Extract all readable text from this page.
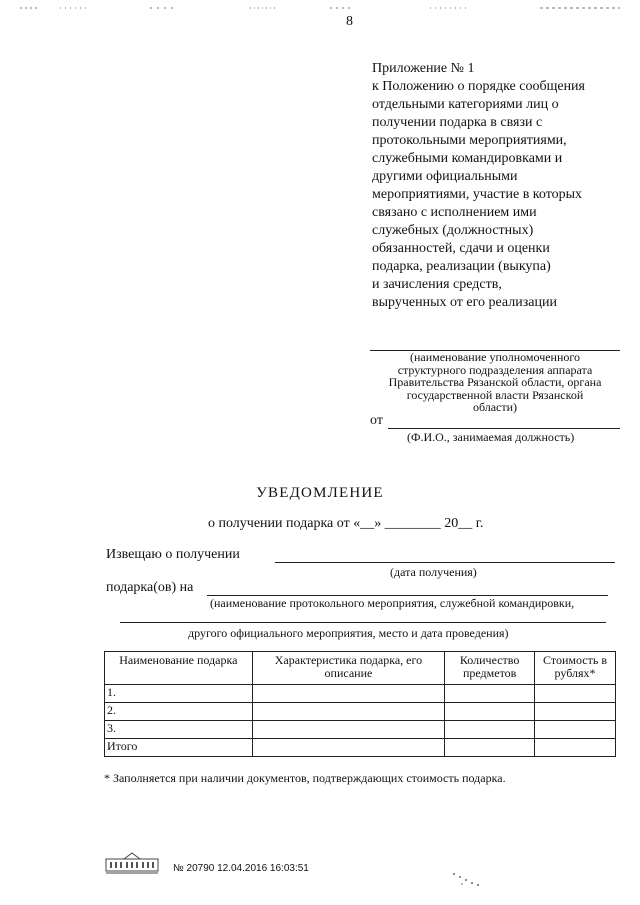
8
Приложение № 1
к Положению о порядке сообщения
отдельными категориями лиц о
получении подарка в связи с
протокольными мероприятиями,
служебными командировками и
другими официальными
мероприятиями, участие в которых
связано с исполнением ими
служебных (должностных)
обязанностей, сдачи и оценки
подарка, реализации (выкупа)
и зачисления средств,
вырученных от его реализации
(наименование уполномоченного
структурного подразделения аппарата
Правительства Рязанской области, органа
государственной власти Рязанской
области)
от
(Ф.И.О., занимаемая должность)
УВЕДОМЛЕНИЕ
о получении подарка от «__» ________ 20__ г.
Извещаю о получении
(дата получения)
подарка(ов) на
(наименование протокольного мероприятия, служебной командировки,
другого официального мероприятия, место и дата проведения)
Наименование подарка	Характеристика подарка, его описание	Количество предметов	Стоимость в рублях*
1.			
2.			
3.			
Итого			
* Заполняется при наличии документов, подтверждающих стоимость подарка.
№ 20790 12.04.2016 16:03:51
